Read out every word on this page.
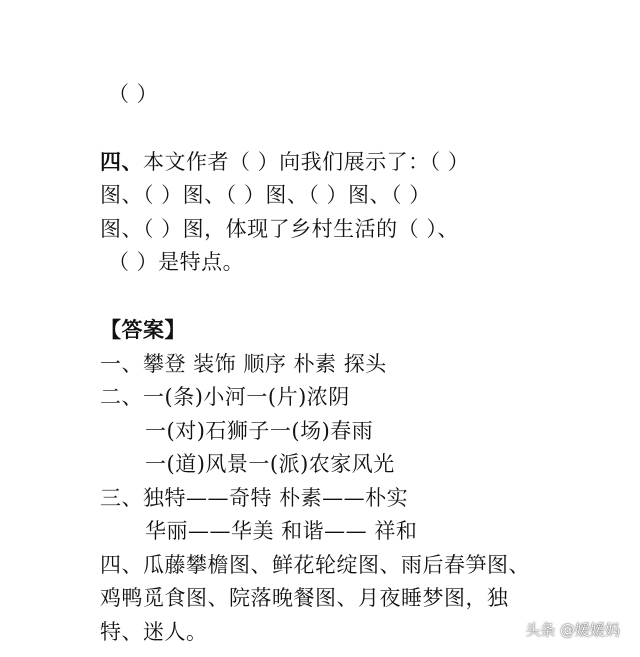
（ ）
四、本文作者（ ）向我们展示了：（ ）
图、（ ）图、（ ）图、（ ）图、（ ）
图、（ ）图，体现了乡村生活的（ ）、
（ ）是特点。
【答案】
一、攀登 装饰 顺序 朴素 探头
二、一(条)小河一(片)浓阴
一(对)石狮子一(场)春雨
一(道)风景一(派)农家风光
三、独特——奇特 朴素——朴实
华丽——华美 和谐—— 祥和
四、瓜藤攀檐图、鲜花轮绽图、雨后春笋图、
鸡鸭觅食图、院落晚餐图、月夜睡梦图，独
特、迷人。	头条 @嫒嫒妈
